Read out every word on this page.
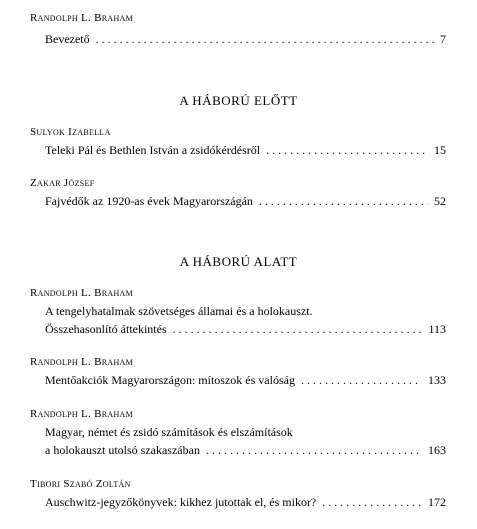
Randolph L. Braham
Bevezető . . .	7
A HÁBORÚ ELŐTT
Sulyok Izabella
Teleki Pál és Bethlen István a zsidókérdésről . . .	15
Zakar József
Fajvédők az 1920-as évek Magyarországán . . .	52
A HÁBORÚ ALATT
Randolph L. Braham
A tengelyhatalmak szövetséges államai és a holokauszt.
Összehasonlító áttekintés . . .	113
Randolph L. Braham
Mentőakciók Magyarországon: mítoszok és valóság . . .	133
Randolph L. Braham
Magyar, német és zsidó számítások és elszámítások
a holokauszt utolsó szakaszában . . .	163
Tibori Szabó Zoltán
Auschwitz-jegyzőkönyvek: kikhez jutottak el, és mikor? . . .	172
